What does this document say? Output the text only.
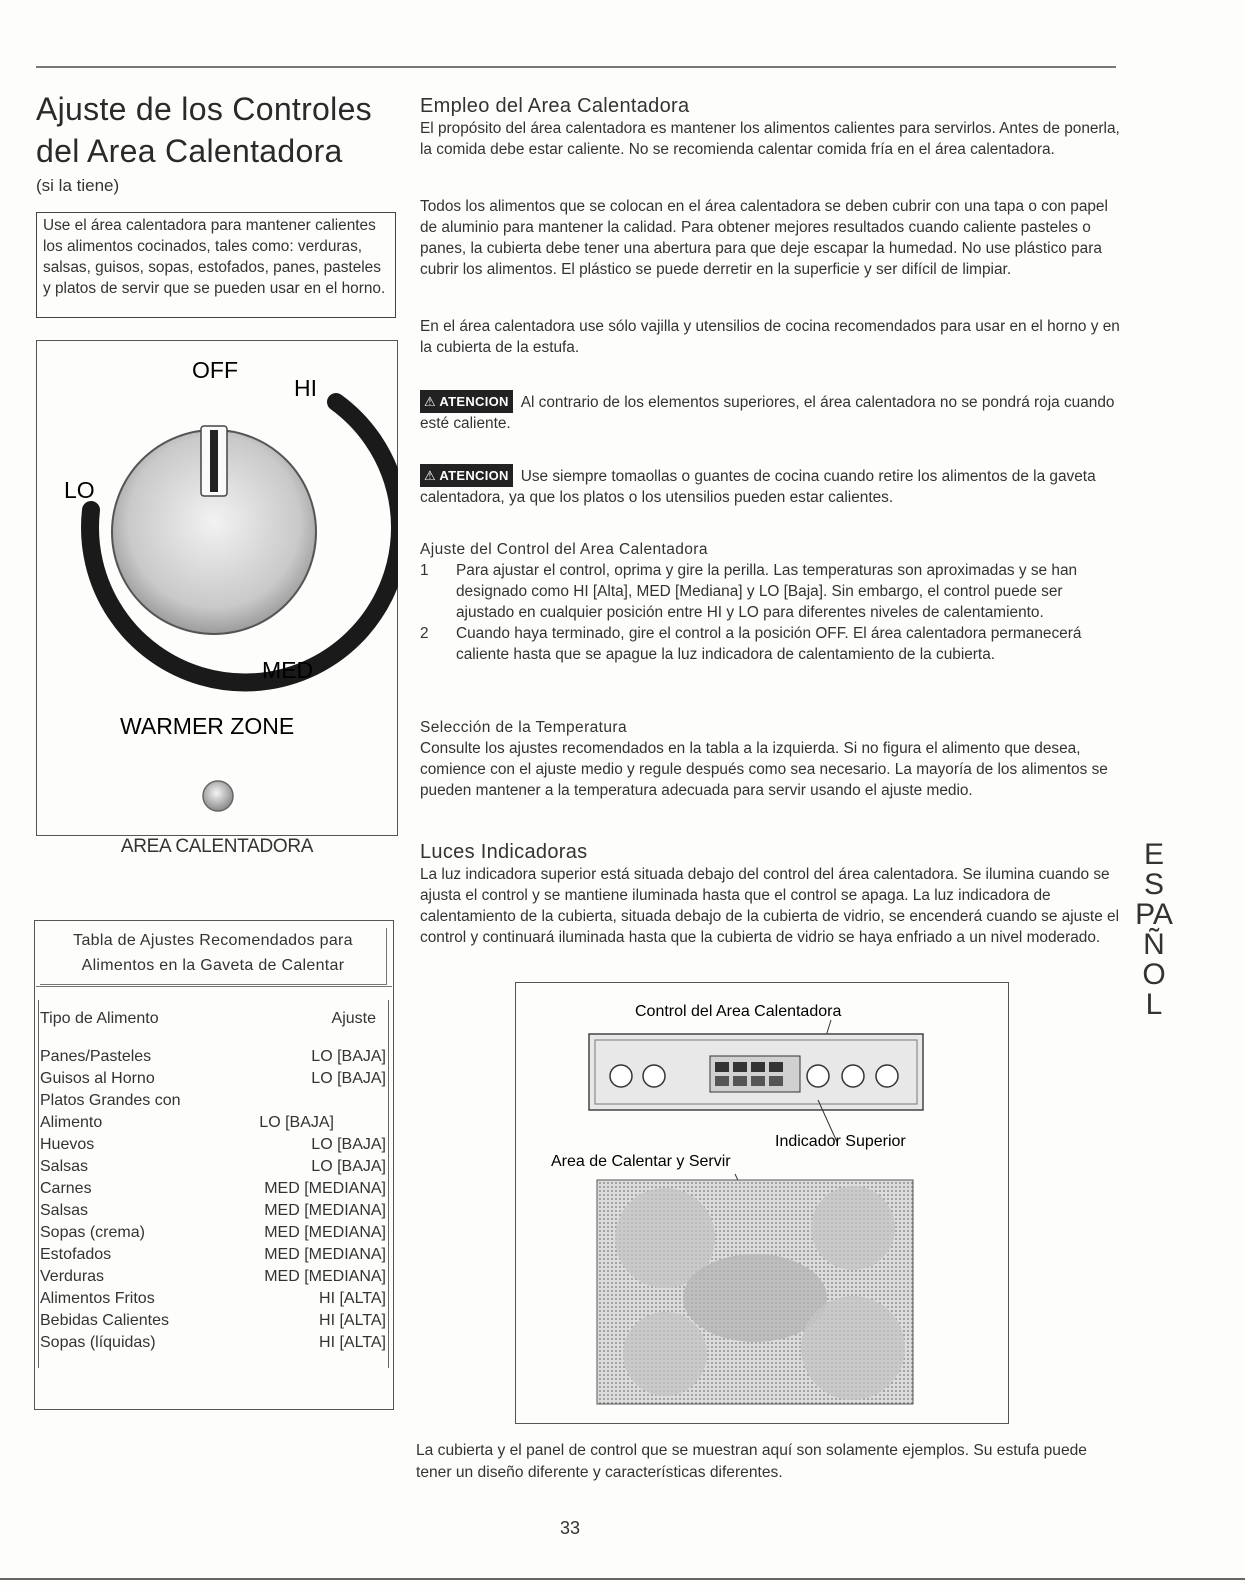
Ajuste de los Controles
del Area Calentadora
(si la tiene)
Use el área calentadora para mantener calientes los alimentos cocinados, tales como: verduras, salsas, guisos, sopas, estofados, panes, pasteles y platos de servir que se pueden usar en el horno.
OFF
HI
LO
MED
WARMER ZONE
AREA CALENTADORA
Tabla de Ajustes Recomendados para
Alimentos en la Gaveta de Calentar
Tipo de Alimento	Ajuste
Panes/Pasteles	LO [BAJA]
Guisos al Horno	LO [BAJA]
Platos Grandes con
Alimento	LO [BAJA]
Huevos	LO [BAJA]
Salsas	LO [BAJA]
Carnes	MED [MEDIANA]
Salsas	MED [MEDIANA]
Sopas (crema)	MED [MEDIANA]
Estofados	MED [MEDIANA]
Verduras	MED [MEDIANA]
Alimentos Fritos	HI [ALTA]
Bebidas Calientes	HI [ALTA]
Sopas (líquidas)	HI [ALTA]
Empleo del Area Calentadora
El propósito del área calentadora es mantener los alimentos calientes para servirlos. Antes de ponerla, la comida debe estar caliente. No se recomienda calentar comida fría en el área calentadora.
Todos los alimentos que se colocan en el área calentadora se deben cubrir con una tapa o con papel de aluminio para mantener la calidad. Para obtener mejores resultados cuando caliente pasteles o panes, la cubierta debe tener una abertura para que deje escapar la humedad. No use plástico para cubrir los alimentos. El plástico se puede derretir en la superficie y ser difícil de limpiar.
En el área calentadora use sólo vajilla y utensilios de cocina recomendados para usar en el horno y en la cubierta de la estufa.
⚠ ATENCION Al contrario de los elementos superiores, el área calentadora no se pondrá roja cuando esté caliente.
⚠ ATENCION Use siempre tomaollas o guantes de cocina cuando retire los alimentos de la gaveta calentadora, ya que los platos o los utensilios pueden estar calientes.
Ajuste del Control del Area Calentadora
1 Para ajustar el control, oprima y gire la perilla. Las temperaturas son aproximadas y se han designado como HI [Alta], MED [Mediana] y LO [Baja]. Sin embargo, el control puede ser ajustado en cualquier posición entre HI y LO para diferentes niveles de calentamiento.
2 Cuando haya terminado, gire el control a la posición OFF. El área calentadora permanecerá caliente hasta que se apague la luz indicadora de calentamiento de la cubierta.
Selección de la Temperatura
Consulte los ajustes recomendados en la tabla a la izquierda. Si no figura el alimento que desea, comience con el ajuste medio y regule después como sea necesario. La mayoría de los alimentos se pueden mantener a la temperatura adecuada para servir usando el ajuste medio.
Luces Indicadoras
La luz indicadora superior está situada debajo del control del área calentadora. Se ilumina cuando se ajusta el control y se mantiene iluminada hasta que el control se apaga. La luz indicadora de calentamiento de la cubierta, situada debajo de la cubierta de vidrio, se encenderá cuando se ajuste el control y continuará iluminada hasta que la cubierta de vidrio se haya enfriado a un nivel moderado.
Control del Area Calentadora
Indicador Superior
Area de Calentar y Servir
La cubierta y el panel de control que se muestran aquí son solamente ejemplos. Su estufa puede tener un diseño diferente y características diferentes.
33
ESPAÑOL
